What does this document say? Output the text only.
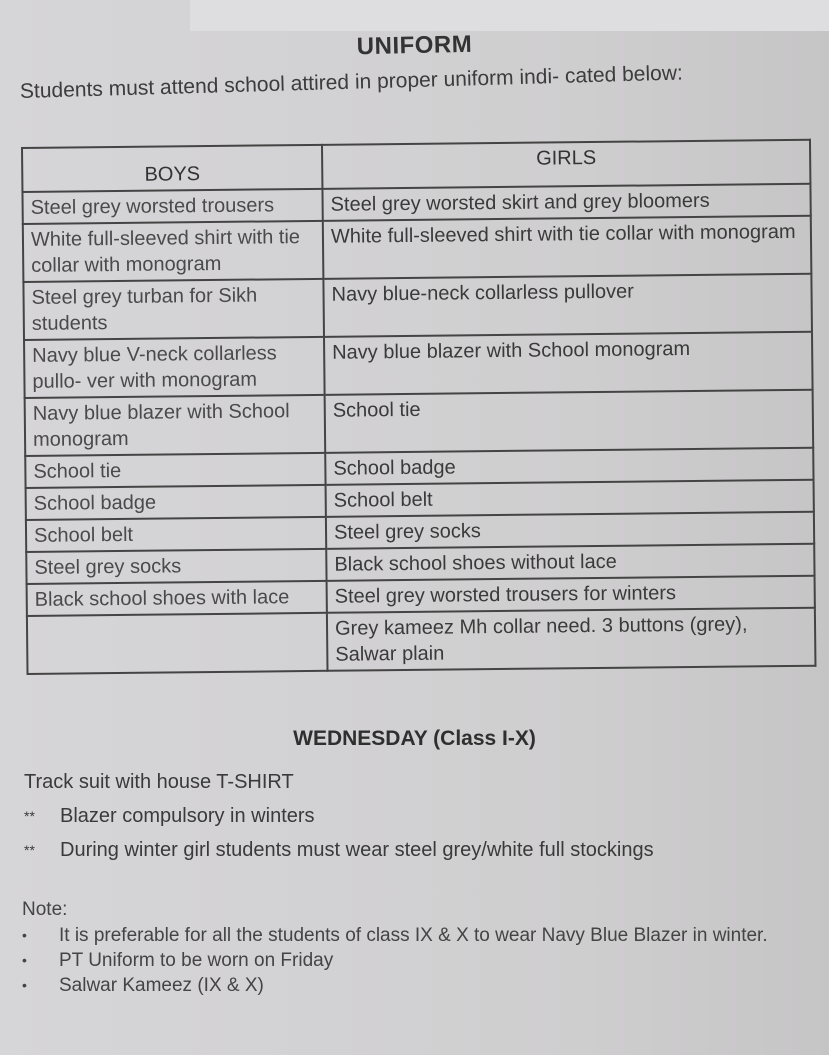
UNIFORM
Students must attend school attired in proper uniform indi- cated below:
BOYS	GIRLS
Steel grey worsted trousers	Steel grey worsted skirt and grey bloomers
White full-sleeved shirt with tie collar with monogram	White full-sleeved shirt with tie collar with monogram
Steel grey turban for Sikh students	Navy blue-neck collarless pullover
Navy blue V-neck collarless pullo- ver with monogram	Navy blue blazer with School monogram
Navy blue blazer with School monogram	School tie
School tie	School badge
School badge	School belt
School belt	Steel grey socks
Steel grey socks	Black school shoes without lace
Black school shoes with lace	Steel grey worsted trousers for winters
	Grey kameez Mh collar need. 3 buttons (grey), Salwar plain
WEDNESDAY (Class I-X)
Track suit with house T-SHIRT
** Blazer compulsory in winters
** During winter girl students must wear steel grey/white full stockings
Note:
•	It is preferable for all the students of class IX & X to wear Navy Blue Blazer in winter.
•	PT Uniform to be worn on Friday
•	Salwar Kameez (IX & X)
